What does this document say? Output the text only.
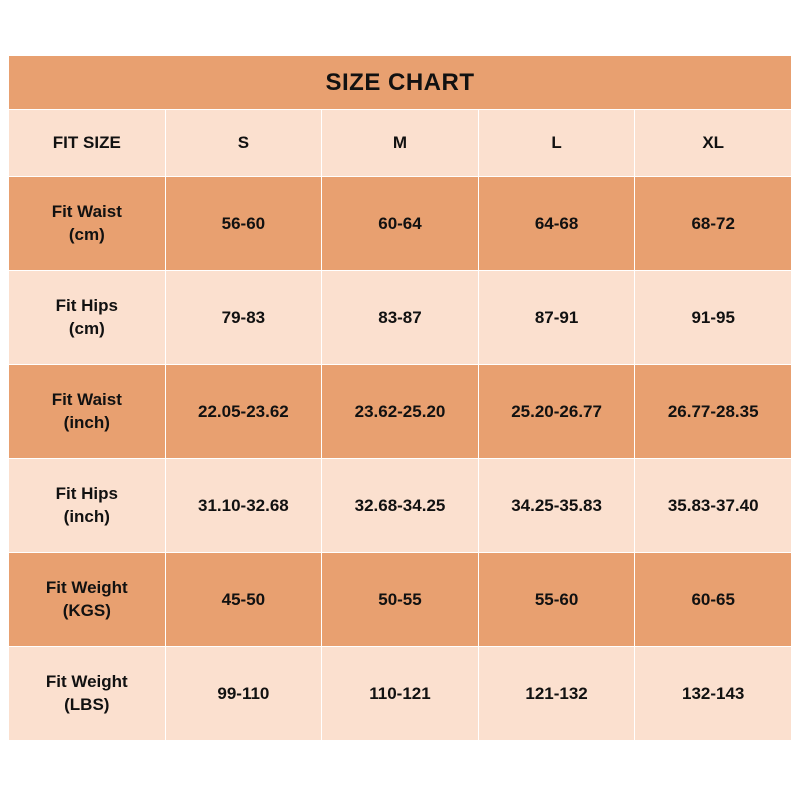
SIZE CHART				
FIT SIZE	S	M	L	XL

Fit Waist
(cm)	56-60	60-64	64-68	68-72

Fit Hips
(cm)	79-83	83-87	87-91	91-95

Fit Waist
(inch)	22.05-23.62	23.62-25.20	25.20-26.77	26.77-28.35

Fit Hips
(inch)	31.10-32.68	32.68-34.25	34.25-35.83	35.83-37.40

Fit Weight
(KGS)	45-50	50-55	55-60	60-65

Fit Weight
(LBS)	99-110	110-121	121-132	132-143
